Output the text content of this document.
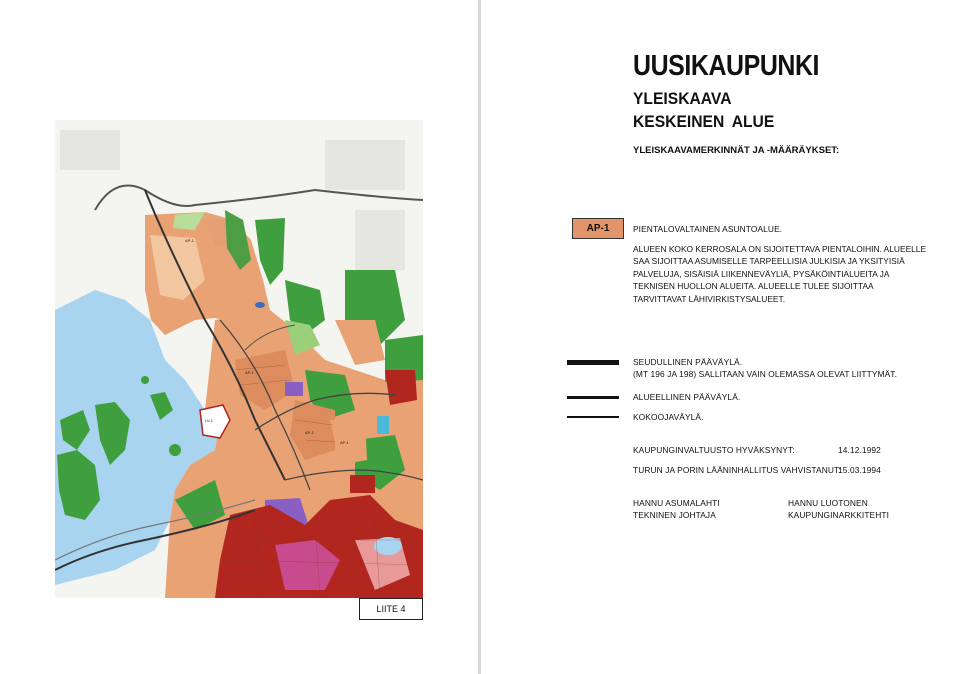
AP-1
LV-1
AP-1
AP-1
AP-1
LIITE 4
UUSIKAUPUNKI
YLEISKAAVA
KESKEINEN ALUE
YLEISKAAVAMERKINNÄT JA -MÄÄRÄYKSET:
AP-1	PIENTALOVALTAINEN ASUNTOALUE.
ALUEEN KOKO KERROSALA ON SIJOITETTAVA PIENTALOIHIN. ALUEELLE
SAA SIJOITTAA ASUMISELLE TARPEELLISIA JULKISIA JA YKSITYISIÄ
PALVELUJA, SISÄISIÄ LIIKENNEVÄYLIÄ, PYSÄKÖINTIALUEITA JA
TEKNISEN HUOLLON ALUEITA. ALUEELLE TULEE SIJOITTAA
TARVITTAVAT LÄHIVIRKISTYSALUEET.
SEUDULLINEN PÄÄVÄYLÄ.
(MT 196 JA 198) SALLITAAN VAIN OLEMASSA OLEVAT LIITTYMÄT.
ALUEELLINEN PÄÄVÄYLÄ.
KOKOOJAVÄYLÄ.
KAUPUNGINVALTUUSTO HYVÄKSYNYT:	14.12.1992
TURUN JA PORIN LÄÄNINHALLITUS VAHVISTANUT:
15.03.1994
HANNU ASUMALAHTI
TEKNINEN JOHTAJA
HANNU LUOTONEN
KAUPUNGINARKKITEHTI
